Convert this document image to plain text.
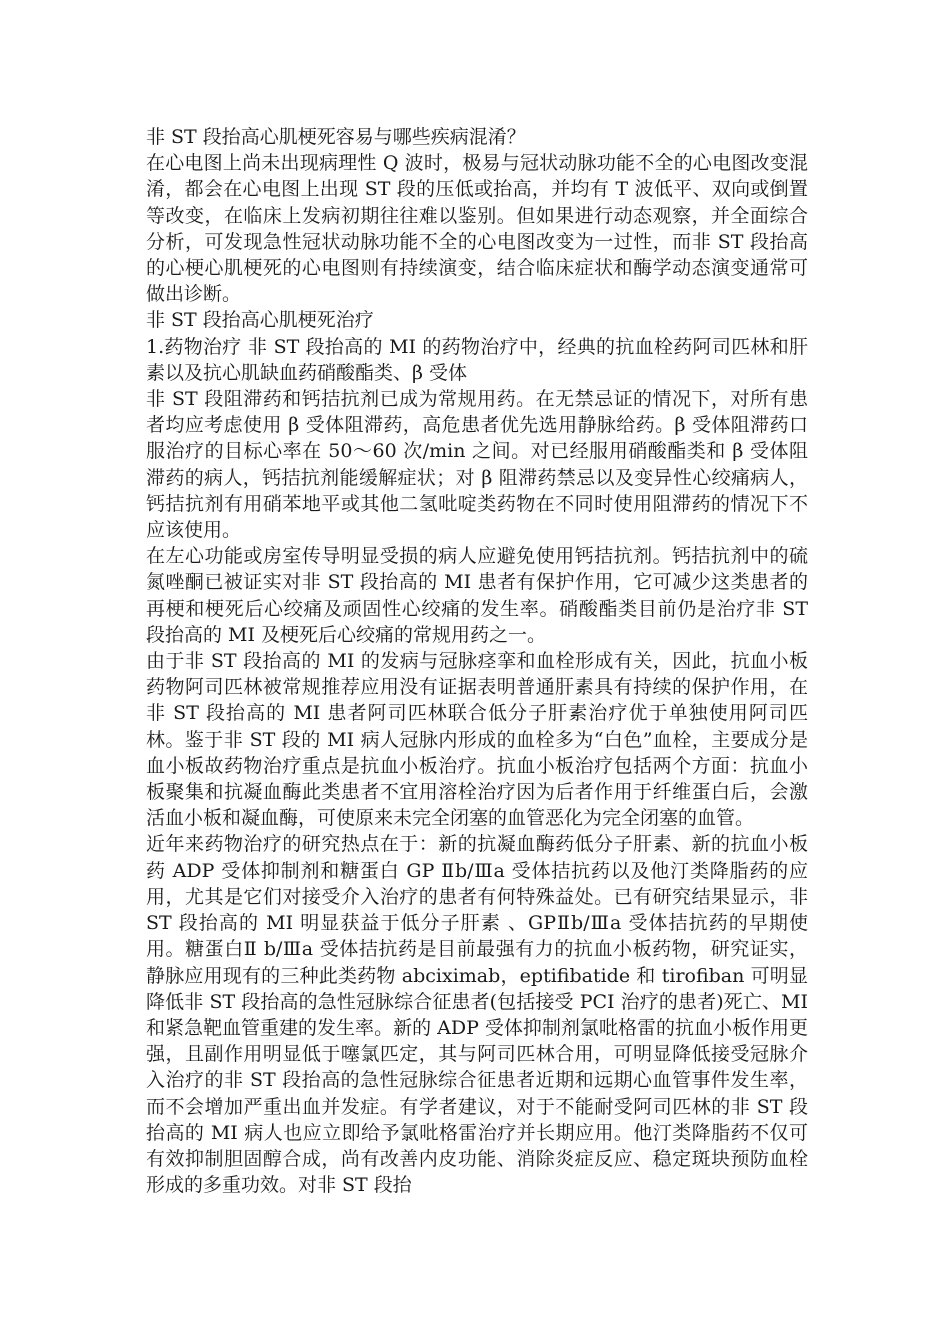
非 ST 段抬高心肌梗死容易与哪些疾病混淆？

在心电图上尚未出现病理性 Q 波时，极易与冠状动脉功能不全的心电图改变混淆，都会在心电图上出现 ST 段的压低或抬高，并均有 T 波低平、双向或倒置等改变，在临床上发病初期往往难以鉴别。但如果进行动态观察，并全面综合分析，可发现急性冠状动脉功能不全的心电图改变为一过性，而非 ST 段抬高的心梗心肌梗死的心电图则有持续演变，结合临床症状和酶学动态演变通常可做出诊断。

非 ST 段抬高心肌梗死治疗

1.药物治疗 非 ST 段抬高的 MI 的药物治疗中，经典的抗血栓药阿司匹林和肝素以及抗心肌缺血药硝酸酯类、β 受体

非 ST 段阻滞药和钙拮抗剂已成为常规用药。在无禁忌证的情况下，对所有患者均应考虑使用 β 受体阻滞药，高危患者优先选用静脉给药。β 受体阻滞药口服治疗的目标心率在 50～60 次/min 之间。对已经服用硝酸酯类和 β 受体阻滞药的病人，钙拮抗剂能缓解症状；对 β 阻滞药禁忌以及变异性心绞痛病人，钙拮抗剂有用硝苯地平或其他二氢吡啶类药物在不同时使用阻滞药的情况下不应该使用。

在左心功能或房室传导明显受损的病人应避免使用钙拮抗剂。钙拮抗剂中的硫氮唑酮已被证实对非 ST 段抬高的 MI 患者有保护作用，它可减少这类患者的再梗和梗死后心绞痛及顽固性心绞痛的发生率。硝酸酯类目前仍是治疗非 ST 段抬高的 MI 及梗死后心绞痛的常规用药之一。

由于非 ST 段抬高的 MI 的发病与冠脉痉挛和血栓形成有关，因此，抗血小板药物阿司匹林被常规推荐应用没有证据表明普通肝素具有持续的保护作用，在非 ST 段抬高的 MI 患者阿司匹林联合低分子肝素治疗优于单独使用阿司匹林。鉴于非 ST 段的 MI 病人冠脉内形成的血栓多为“白色”血栓，主要成分是血小板故药物治疗重点是抗血小板治疗。抗血小板治疗包括两个方面：抗血小板聚集和抗凝血酶此类患者不宜用溶栓治疗因为后者作用于纤维蛋白后，会激活血小板和凝血酶，可使原来未完全闭塞的血管恶化为完全闭塞的血管。

近年来药物治疗的研究热点在于：新的抗凝血酶药低分子肝素、新的抗血小板药 ADP 受体抑制剂和糖蛋白 GP Ⅱb/Ⅲa 受体拮抗药以及他汀类降脂药的应用，尤其是它们对接受介入治疗的患者有何特殊益处。已有研究结果显示，非 ST 段抬高的 MI 明显获益于低分子肝素 、GPⅡb/Ⅲa 受体拮抗药的早期使用。糖蛋白Ⅱ b/Ⅲa 受体拮抗药是目前最强有力的抗血小板药物，研究证实，静脉应用现有的三种此类药物 abciximab，eptifibatide 和 tirofiban 可明显降低非 ST 段抬高的急性冠脉综合征患者(包括接受 PCI 治疗的患者)死亡、MI 和紧急靶血管重建的发生率。新的 ADP 受体抑制剂氯吡格雷的抗血小板作用更强，且副作用明显低于噻氯匹定，其与阿司匹林合用，可明显降低接受冠脉介入治疗的非 ST 段抬高的急性冠脉综合征患者近期和远期心血管事件发生率，而不会增加严重出血并发症。有学者建议，对于不能耐受阿司匹林的非 ST 段抬高的 MI 病人也应立即给予氯吡格雷治疗并长期应用。他汀类降脂药不仅可有效抑制胆固醇合成，尚有改善内皮功能、消除炎症反应、稳定斑块预防血栓形成的多重功效。对非 ST 段抬
